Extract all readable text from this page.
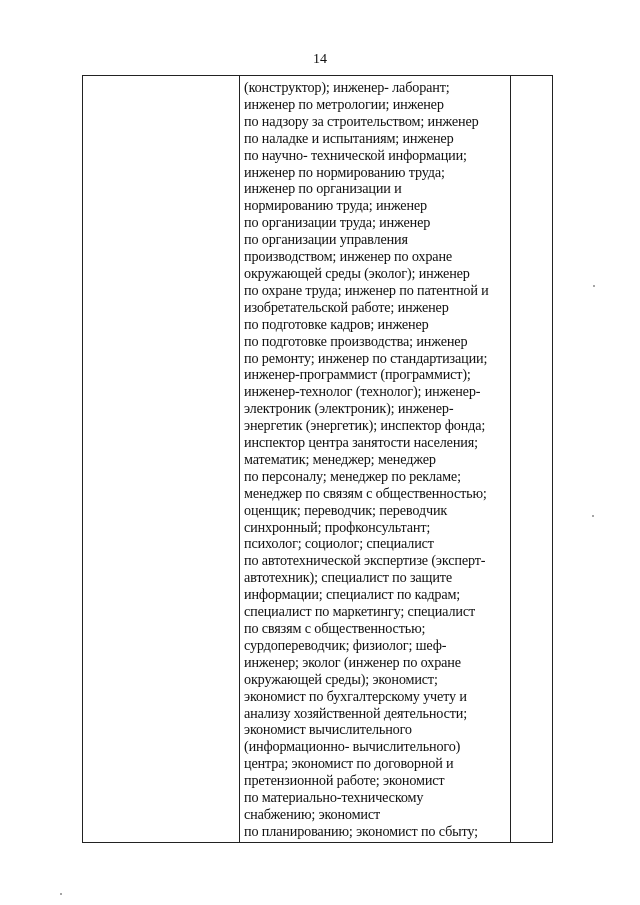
14
(конструктор); инженер- лаборант;
инженер по метрологии; инженер
по надзору за строительством; инженер
по наладке и испытаниям; инженер
по научно- технической информации;
инженер по нормированию труда;
инженер по организации и
нормированию труда; инженер
по организации труда; инженер
по организации управления
производством; инженер по охране
окружающей среды (эколог); инженер
по охране труда; инженер по патентной и
изобретательской работе; инженер
по подготовке кадров; инженер
по подготовке производства; инженер
по ремонту; инженер по стандартизации;
инженер-программист (программист);
инженер-технолог (технолог); инженер-
электроник (электроник); инженер-
энергетик (энергетик); инспектор фонда;
инспектор центра занятости населения;
математик; менеджер; менеджер
по персоналу; менеджер по рекламе;
менеджер по связям с общественностью;
оценщик; переводчик; переводчик
синхронный; профконсультант;
психолог; социолог; специалист
по автотехнической экспертизе (эксперт-
автотехник); специалист по защите
информации; специалист по кадрам;
специалист по маркетингу; специалист
по связям с общественностью;
сурдопереводчик; физиолог; шеф-
инженер; эколог (инженер по охране
окружающей среды); экономист;
экономист по бухгалтерскому учету и
анализу хозяйственной деятельности;
экономист вычислительного
(информационно- вычислительного)
центра; экономист по договорной и
претензионной работе; экономист
по материально-техническому
снабжению; экономист
по планированию; экономист по сбыту;
